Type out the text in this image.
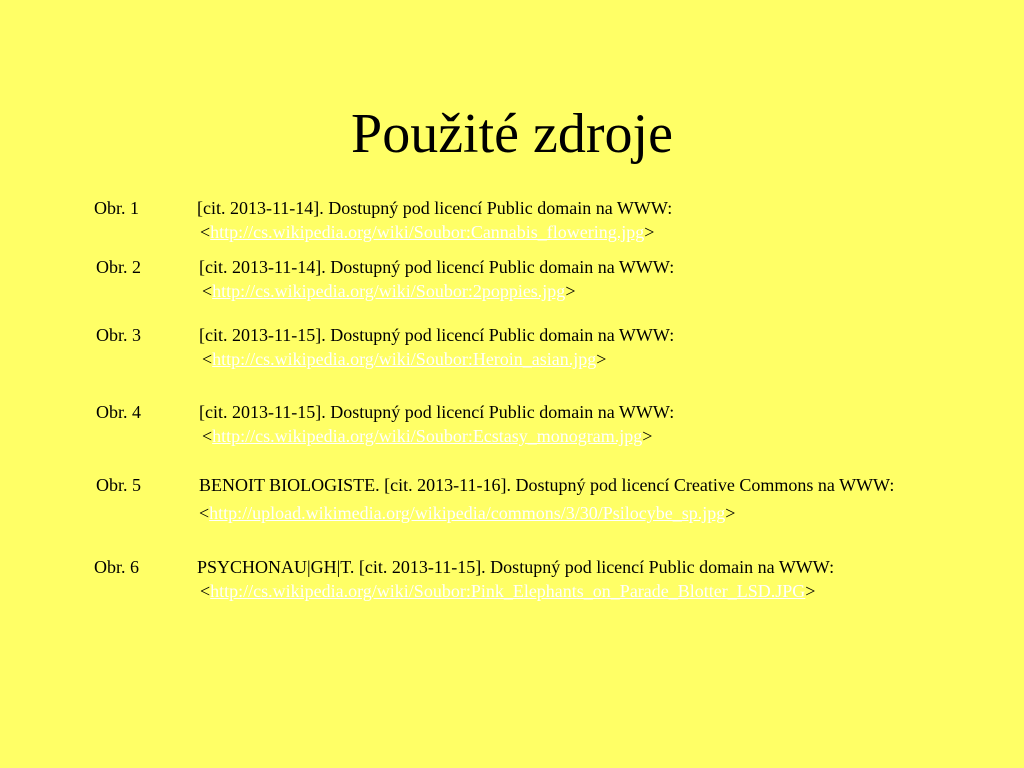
Použité zdroje
Obr. 1	[cit. 2013-11-14]. Dostupný pod licencí Public domain na WWW:
<http://cs.wikipedia.org/wiki/Soubor:Cannabis_flowering.jpg>
Obr. 2	[cit. 2013-11-14]. Dostupný pod licencí Public domain na WWW:
<http://cs.wikipedia.org/wiki/Soubor:2poppies.jpg>
Obr. 3	[cit. 2013-11-15]. Dostupný pod licencí Public domain na WWW:
<http://cs.wikipedia.org/wiki/Soubor:Heroin_asian.jpg>
Obr. 4	[cit. 2013-11-15]. Dostupný pod licencí Public domain na WWW:
<http://cs.wikipedia.org/wiki/Soubor:Ecstasy_monogram.jpg>
Obr. 5	BENOIT BIOLOGISTE. [cit. 2013-11-16]. Dostupný pod licencí Creative Commons na WWW:
<http://upload.wikimedia.org/wikipedia/commons/3/30/Psilocybe_sp.jpg>
Obr. 6	PSYCHONAU|GH|T. [cit. 2013-11-15]. Dostupný pod licencí Public domain na WWW:
<http://cs.wikipedia.org/wiki/Soubor:Pink_Elephants_on_Parade_Blotter_LSD.JPG>
